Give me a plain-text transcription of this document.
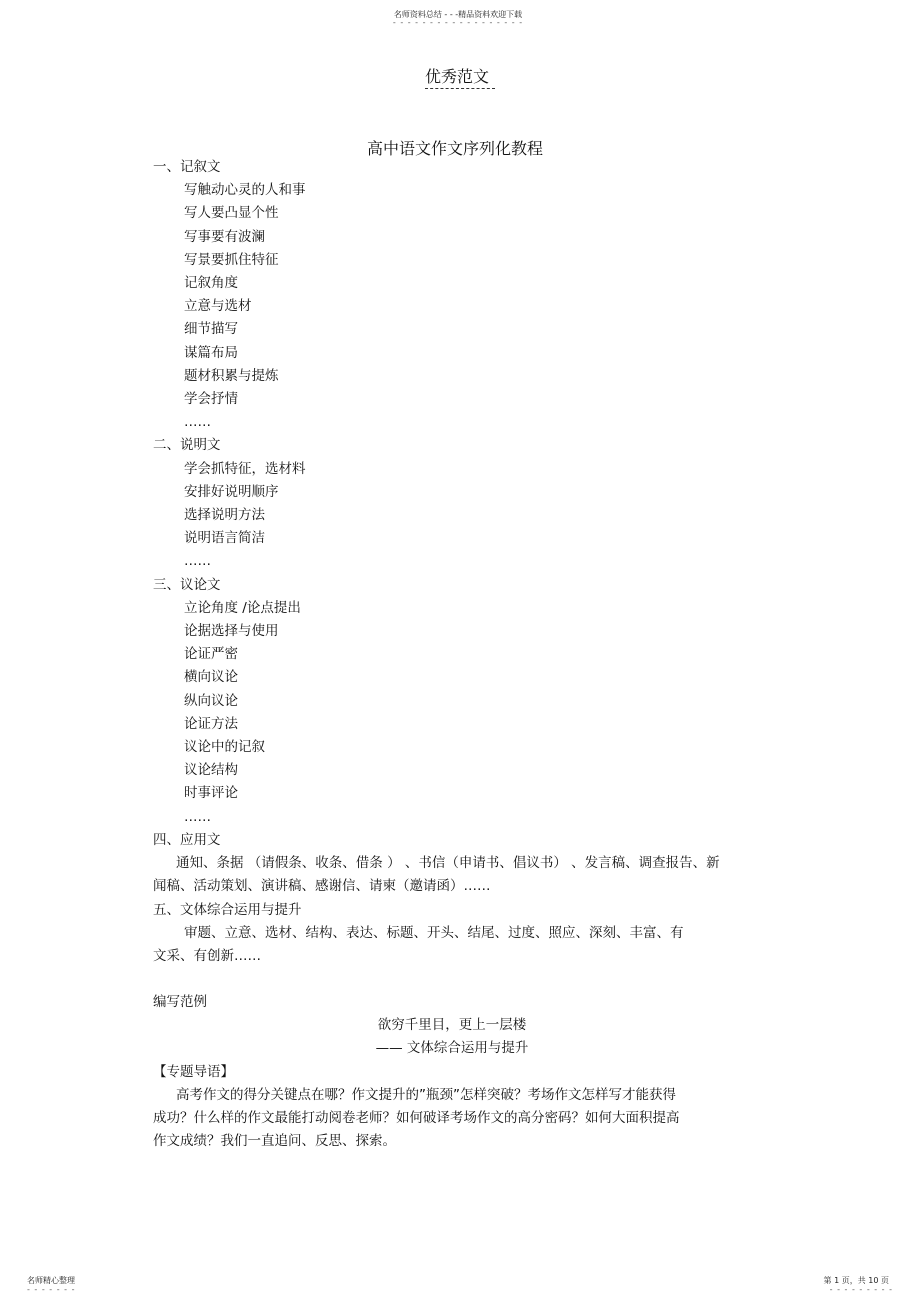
名师资料总结 - - -精品资料欢迎下载
- - - - - - - - - - - - - - - - - -
优秀范文
高中语文作文序列化教程
一、记叙文
写触动心灵的人和事
写人要凸显个性
写事要有波澜
写景要抓住特征
记叙角度
立意与选材
细节描写
谋篇布局
题材积累与提炼
学会抒情
……
二、说明文
学会抓特征，选材料
安排好说明顺序
选择说明方法
说明语言简洁
……
三、议论文
立论角度 /论点提出
论据选择与使用
论证严密
横向议论
纵向议论
论证方法
议论中的记叙
议论结构
时事评论
……
四、应用文
通知、条据 （请假条、收条、借条 ） 、书信（申请书、倡议书） 、发言稿、调查报告、新
闻稿、活动策划、演讲稿、感谢信、请柬（邀请函）……
五、文体综合运用与提升
审题、立意、选材、结构、表达、标题、开头、结尾、过度、照应、深刻、丰富、有
文采、有创新……
编写范例
欲穷千里目，更上一层楼
—— 文体综合运用与提升
【专题导语】
高考作文的得分关键点在哪？作文提升的”瓶颈”怎样突破？考场作文怎样写才能获得
成功？什么样的作文最能打动阅卷老师？如何破译考场作文的高分密码？如何大面积提高
作文成绩？我们一直追问、反思、探索。
名师精心整理
- - - - - - -
第 1 页，共 10 页
- - - - - - - - -
